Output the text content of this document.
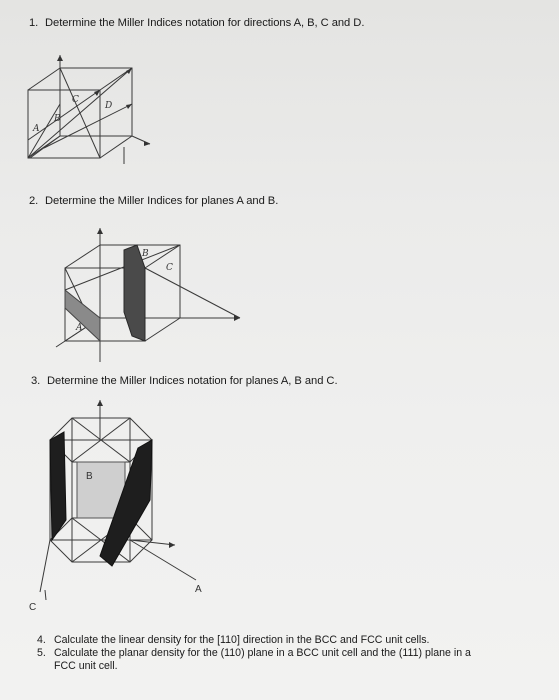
1. Determine the Miller Indices notation for directions A, B, C and D.
A
B
C
D
2. Determine the Miller Indices for planes A and B.
A
B
C
3. Determine the Miller Indices notation for planes A, B and C.
B
A
C
4. Calculate the linear density for the [110] direction in the BCC and FCC unit cells.
5. Calculate the planar density for the (110) plane in a BCC unit cell and the (111) plane in a
FCC unit cell.
